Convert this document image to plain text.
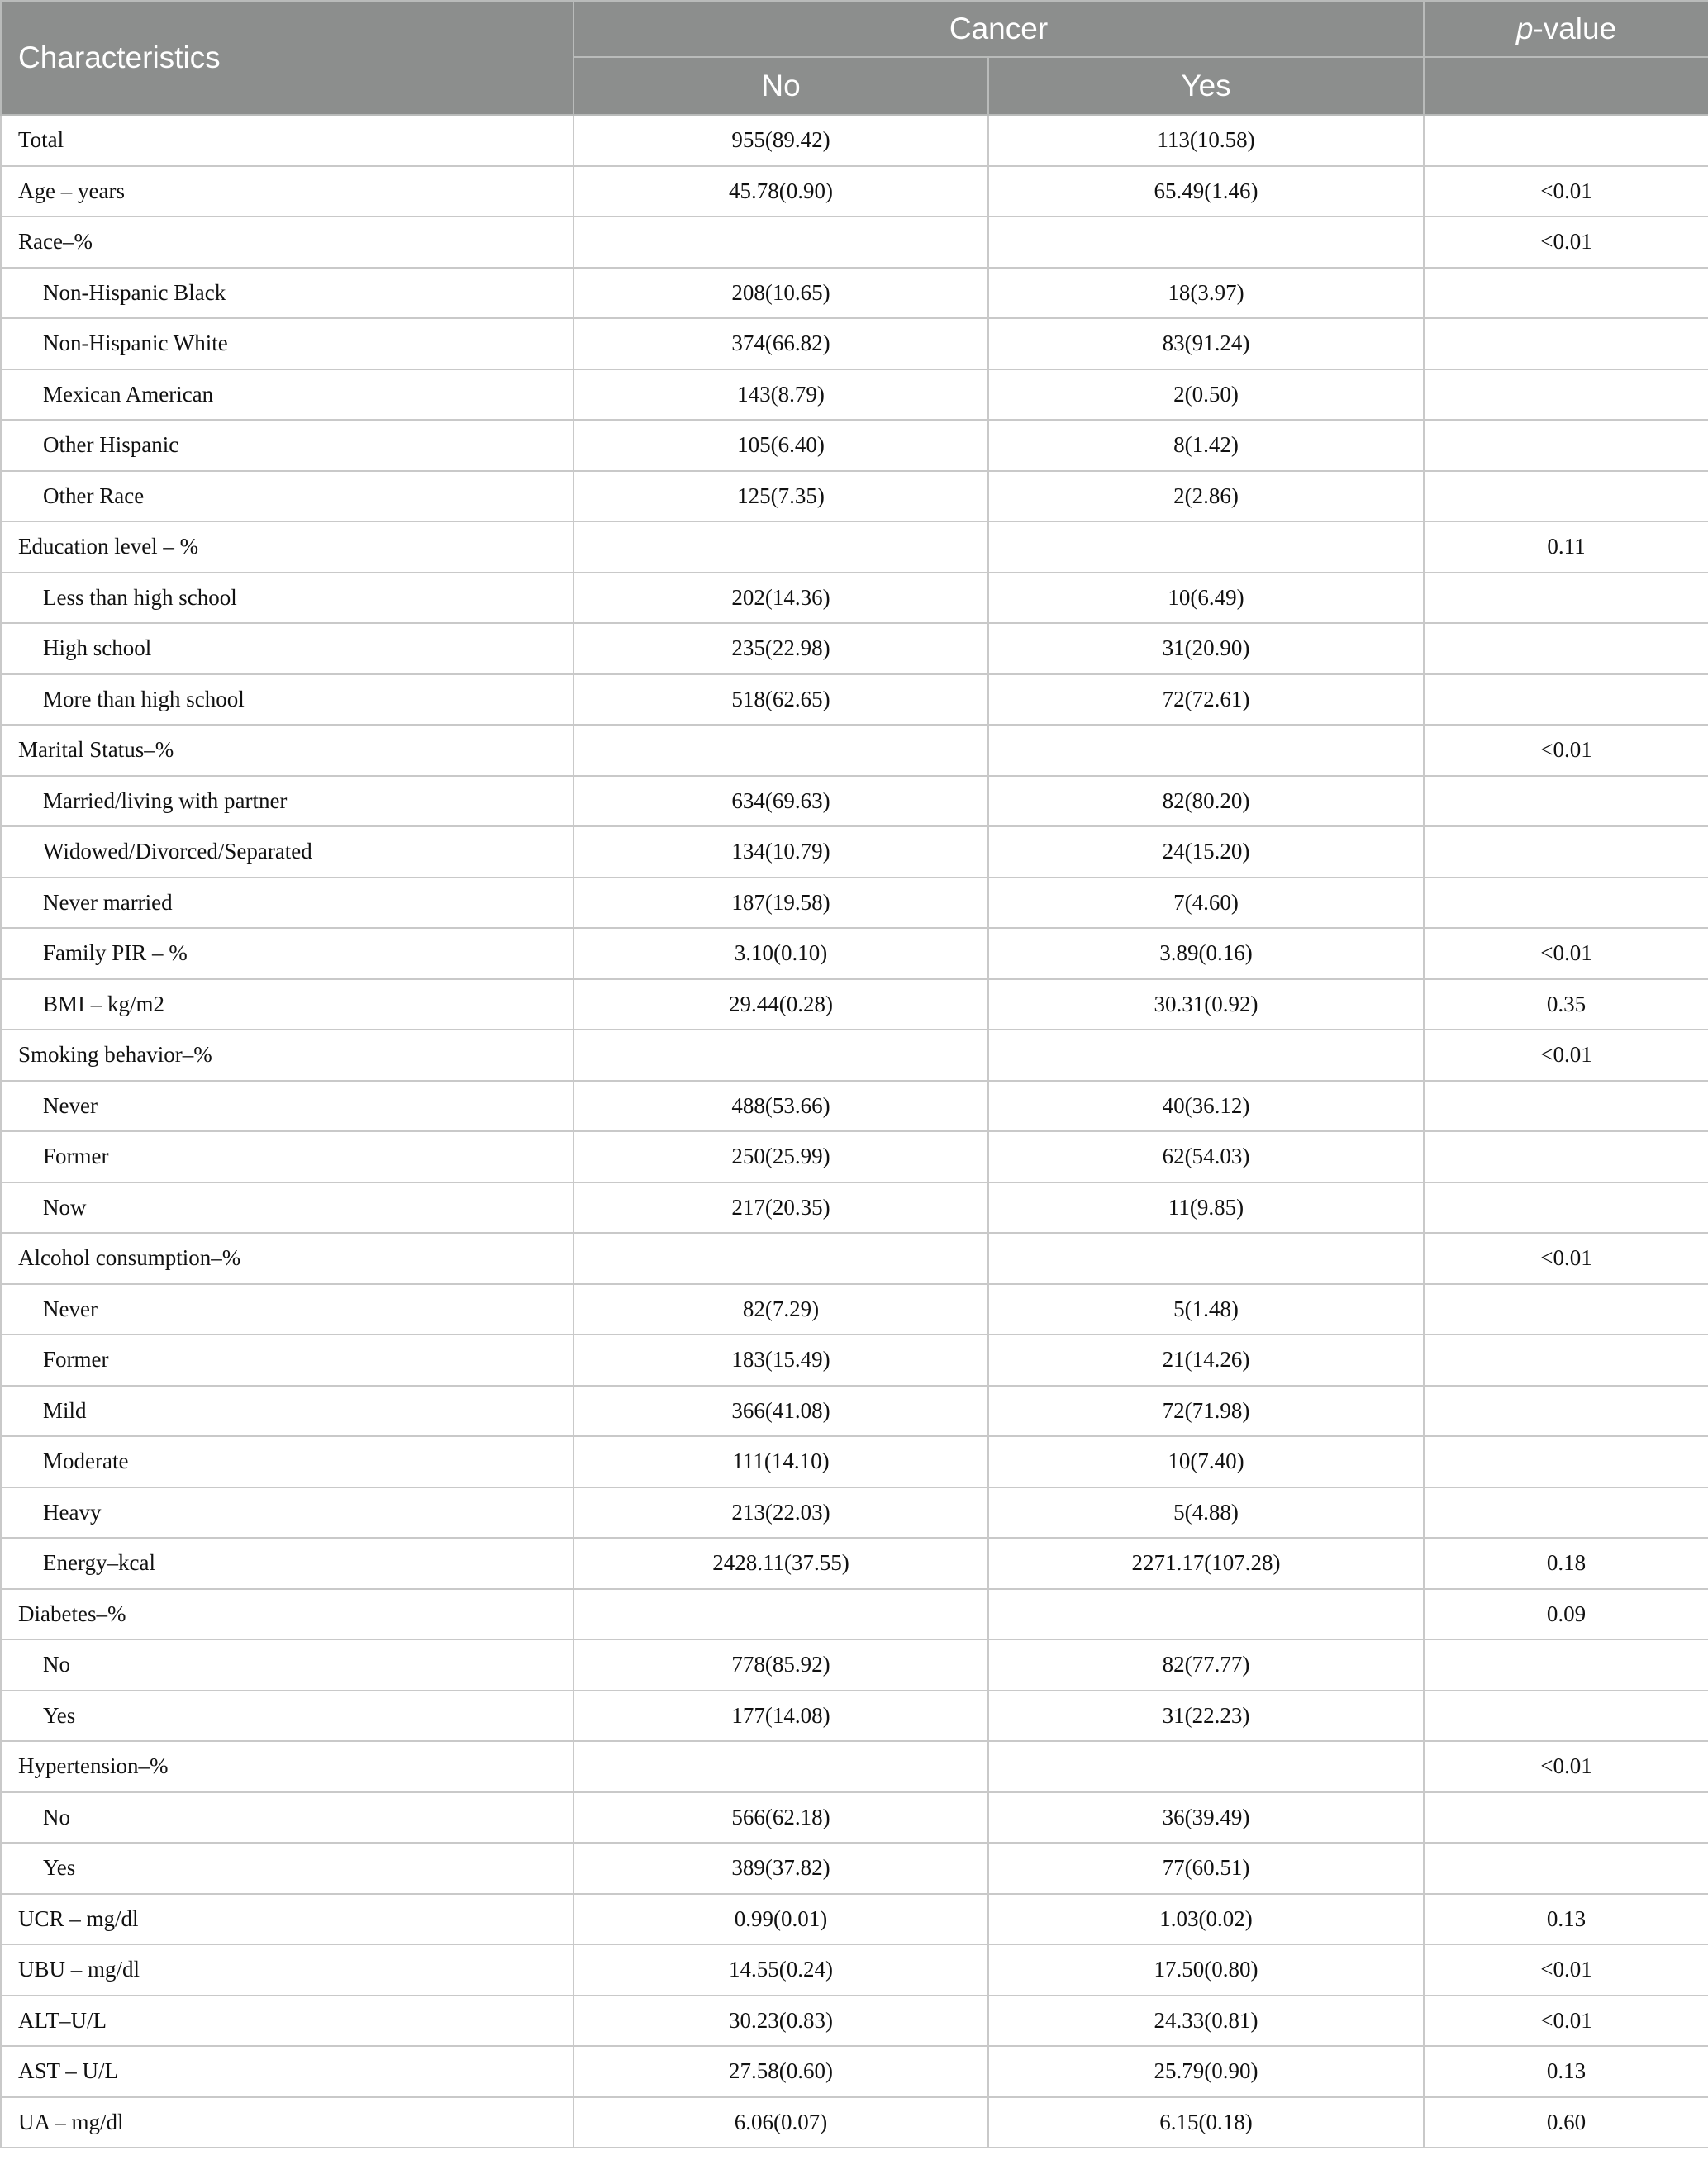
Characteristics	Cancer		p-value
	No	Yes	
Total	955(89.42)	113(10.58)	
Age – years	45.78(0.90)	65.49(1.46)	<0.01
Race–%			<0.01
Non-Hispanic Black	208(10.65)	18(3.97)	
Non-Hispanic White	374(66.82)	83(91.24)	
Mexican American	143(8.79)	2(0.50)	
Other Hispanic	105(6.40)	8(1.42)	
Other Race	125(7.35)	2(2.86)	
Education level – %			0.11
Less than high school	202(14.36)	10(6.49)	
High school	235(22.98)	31(20.90)	
More than high school	518(62.65)	72(72.61)	
Marital Status–%			<0.01
Married/living with partner	634(69.63)	82(80.20)	
Widowed/Divorced/Separated	134(10.79)	24(15.20)	
Never married	187(19.58)	7(4.60)	
Family PIR – %	3.10(0.10)	3.89(0.16)	<0.01
BMI – kg/m2	29.44(0.28)	30.31(0.92)	0.35
Smoking behavior–%			<0.01
Never	488(53.66)	40(36.12)	
Former	250(25.99)	62(54.03)	
Now	217(20.35)	11(9.85)	
Alcohol consumption–%			<0.01
Never	82(7.29)	5(1.48)	
Former	183(15.49)	21(14.26)	
Mild	366(41.08)	72(71.98)	
Moderate	111(14.10)	10(7.40)	
Heavy	213(22.03)	5(4.88)	
Energy–kcal	2428.11(37.55)	2271.17(107.28)	0.18
Diabetes–%			0.09
No	778(85.92)	82(77.77)	
Yes	177(14.08)	31(22.23)	
Hypertension–%			<0.01
No	566(62.18)	36(39.49)	
Yes	389(37.82)	77(60.51)	
UCR – mg/dl	0.99(0.01)	1.03(0.02)	0.13
UBU – mg/dl	14.55(0.24)	17.50(0.80)	<0.01
ALT–U/L	30.23(0.83)	24.33(0.81)	<0.01
AST – U/L	27.58(0.60)	25.79(0.90)	0.13
UA – mg/dl	6.06(0.07)	6.15(0.18)	0.60
